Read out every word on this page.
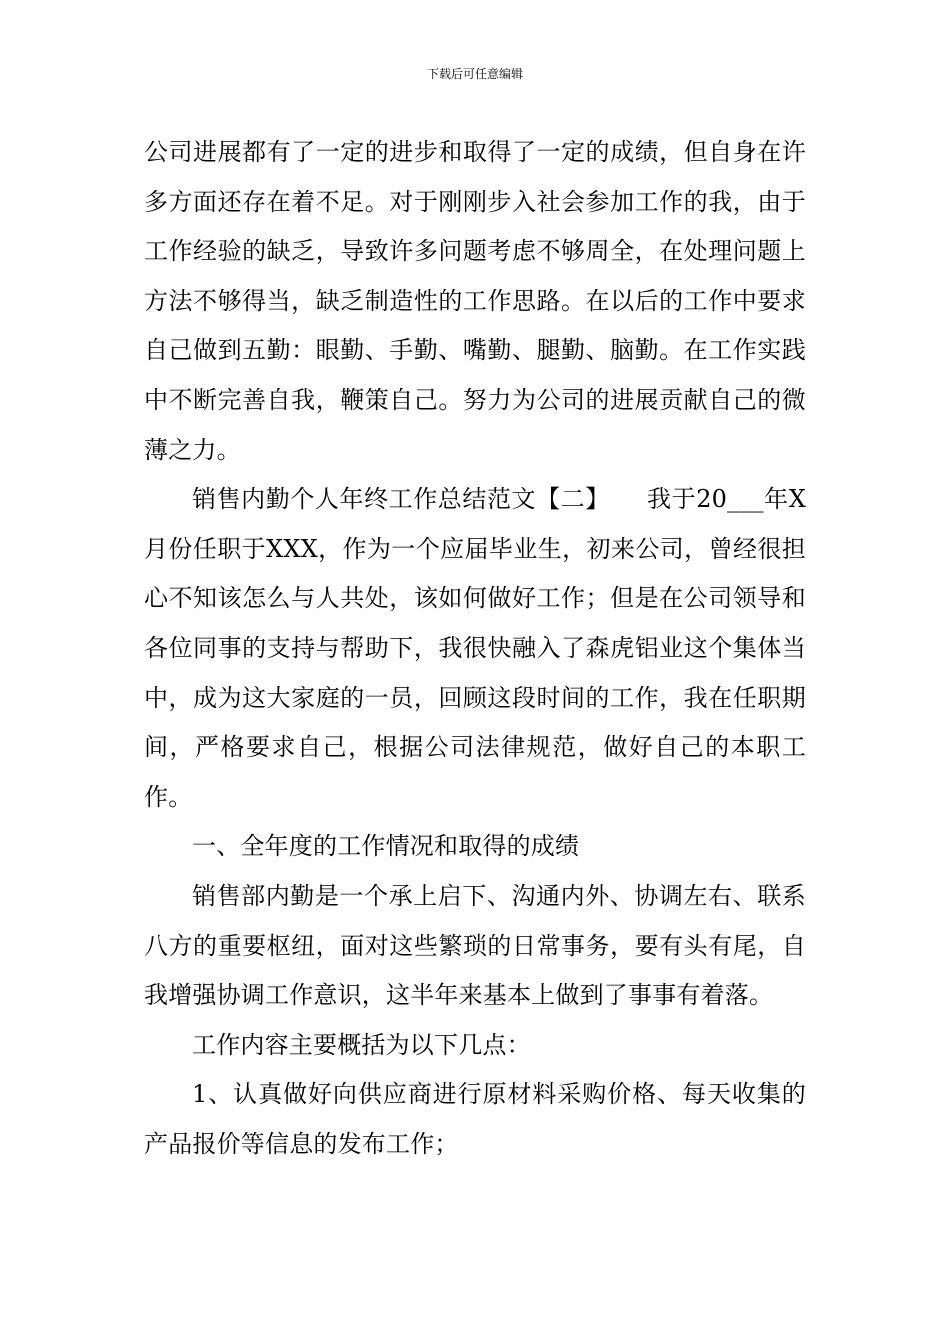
下载后可任意编辑

公司进展都有了一定的进步和取得了一定的成绩，但自身在许多方面还存在着不足。对于刚刚步入社会参加工作的我，由于工作经验的缺乏，导致许多问题考虑不够周全，在处理问题上方法不够得当，缺乏制造性的工作思路。在以后的工作中要求自己做到五勤：眼勤、手勤、嘴勤、腿勤、脑勤。在工作实践中不断完善自我，鞭策自己。努力为公司的进展贡献自己的微薄之力。

销售内勤个人年终工作总结范文【二】　　我于20___年X月份任职于XXX，作为一个应届毕业生，初来公司，曾经很担心不知该怎么与人共处，该如何做好工作；但是在公司领导和各位同事的支持与帮助下，我很快融入了森虎铝业这个集体当中，成为这大家庭的一员，回顾这段时间的工作，我在任职期间，严格要求自己，根据公司法律规范，做好自己的本职工作。

一、全年度的工作情况和取得的成绩

销售部内勤是一个承上启下、沟通内外、协调左右、联系八方的重要枢纽，面对这些繁琐的日常事务，要有头有尾，自我增强协调工作意识，这半年来基本上做到了事事有着落。

工作内容主要概括为以下几点：

1、认真做好向供应商进行原材料采购价格、每天收集的产品报价等信息的发布工作；
